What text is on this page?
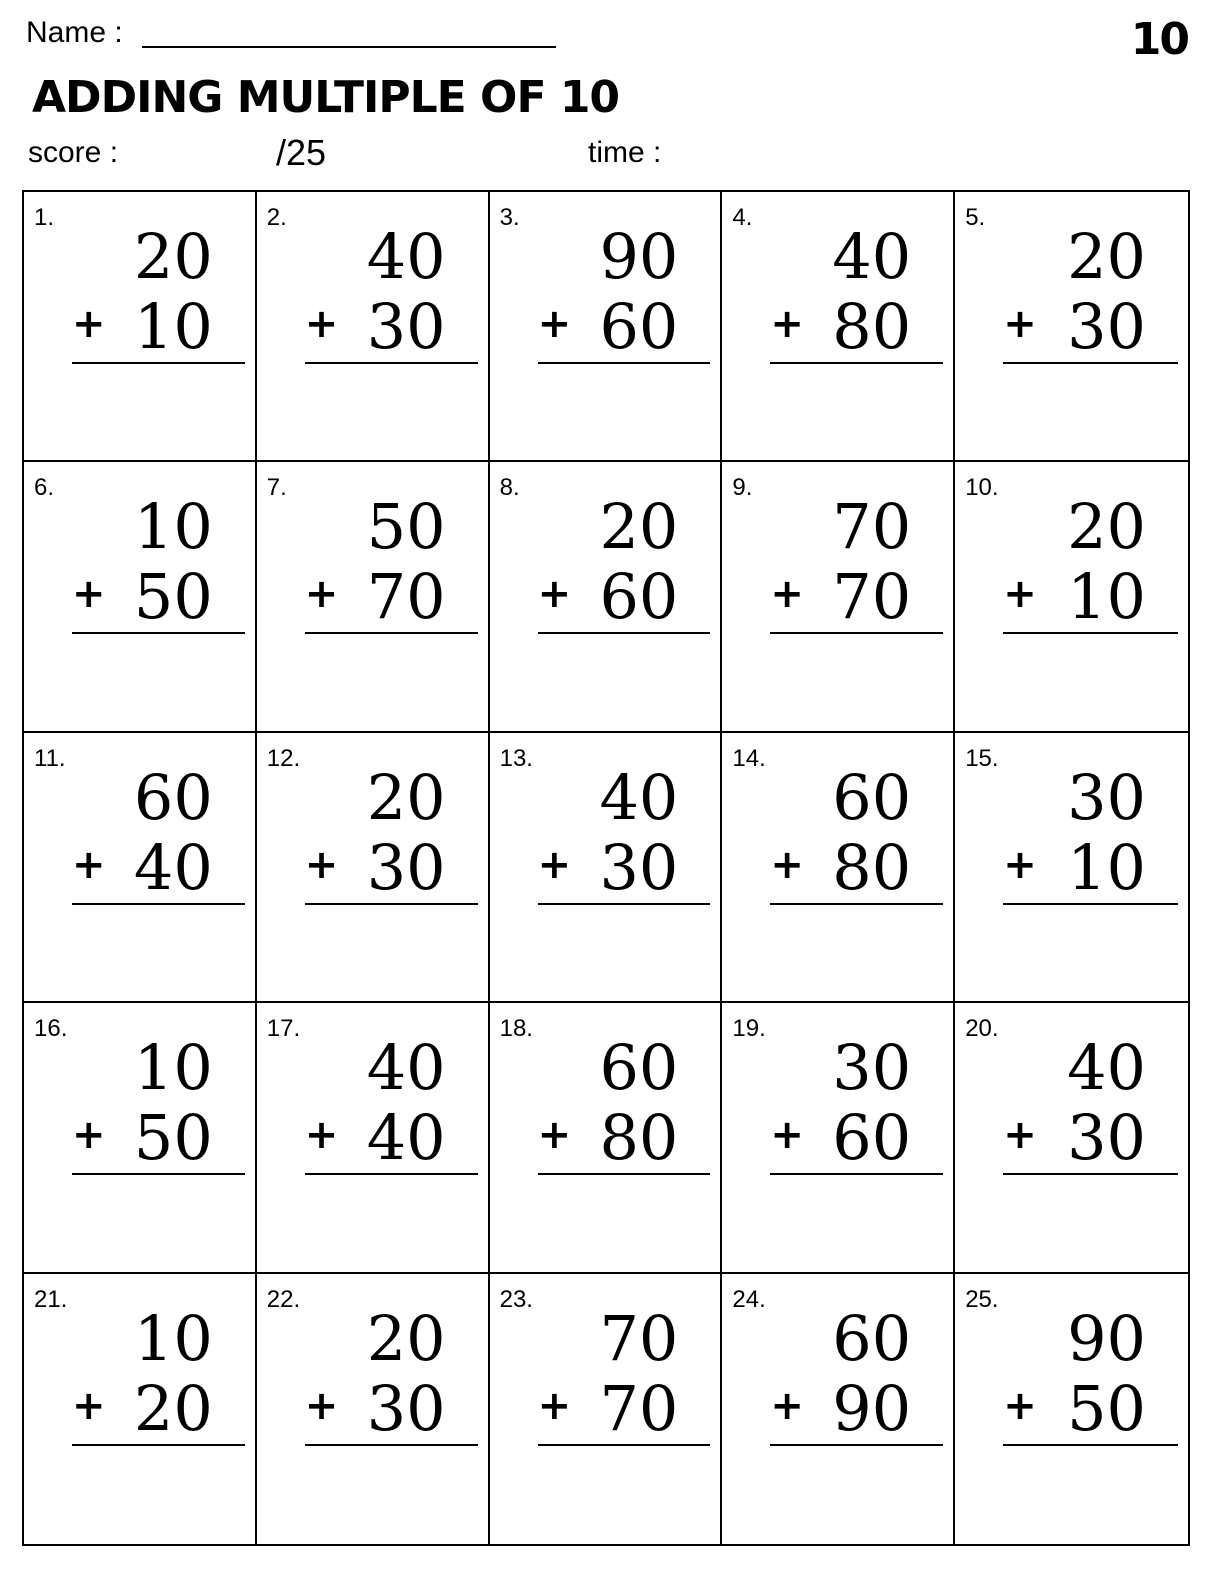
Name :	10
ADDING MULTIPLE OF 10
score :	/25	time :
1.
20
+ 10
2.
40
+ 30
3.
90
+ 60
4.
40
+ 80
5.
20
+ 30
6.
10
+ 50
7.
50
+ 70
8.
20
+ 60
9.
70
+ 70
10.
20
+ 10
11.
60
+ 40
12.
20
+ 30
13.
40
+ 30
14.
60
+ 80
15.
30
+ 10
16.
10
+ 50
17.
40
+ 40
18.
60
+ 80
19.
30
+ 60
20.
40
+ 30
21.
10
+ 20
22.
20
+ 30
23.
70
+ 70
24.
60
+ 90
25.
90
+ 50
